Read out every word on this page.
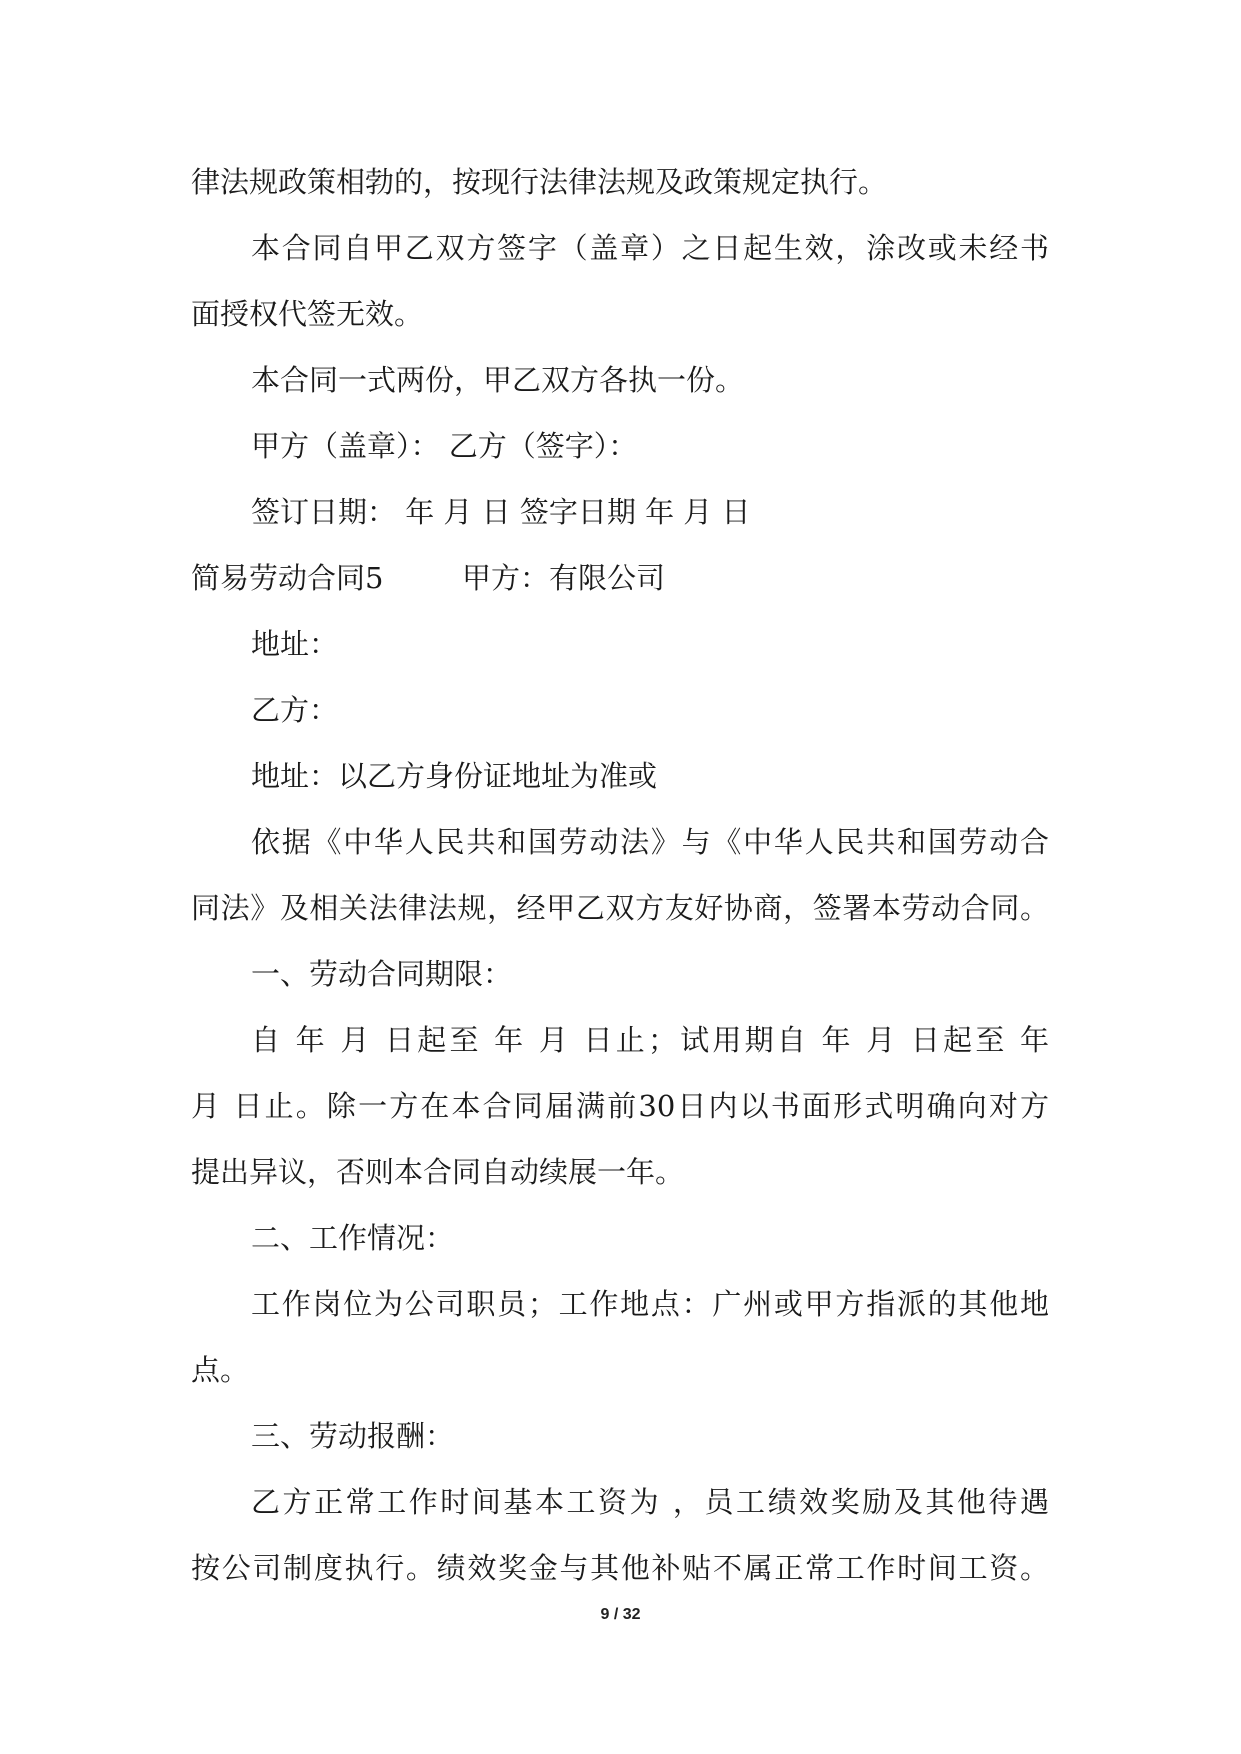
律法规政策相勃的，按现行法律法规及政策规定执行。
本合同自甲乙双方签字（盖章）之日起生效，涂改或未经书
面授权代签无效。
本合同一式两份，甲乙双方各执一份。
甲方（盖章）： 乙方（签字）：
签订日期： 年 月 日 签字日期 年 月 日
简易劳动合同5	甲方：有限公司
地址：
乙方：
地址：以乙方身份证地址为准或
依据《中华人民共和国劳动法》与《中华人民共和国劳动合
同法》及相关法律法规，经甲乙双方友好协商，签署本劳动合同。
一、劳动合同期限：
自 年 月 日起至 年 月 日止；试用期自 年 月 日起至 年
月 日止。除一方在本合同届满前30日内以书面形式明确向对方
提出异议，否则本合同自动续展一年。
二、工作情况：
工作岗位为公司职员；工作地点：广州或甲方指派的其他地
点。
三、劳动报酬：
乙方正常工作时间基本工资为 ，员工绩效奖励及其他待遇
按公司制度执行。绩效奖金与其他补贴不属正常工作时间工资。
9 / 32
